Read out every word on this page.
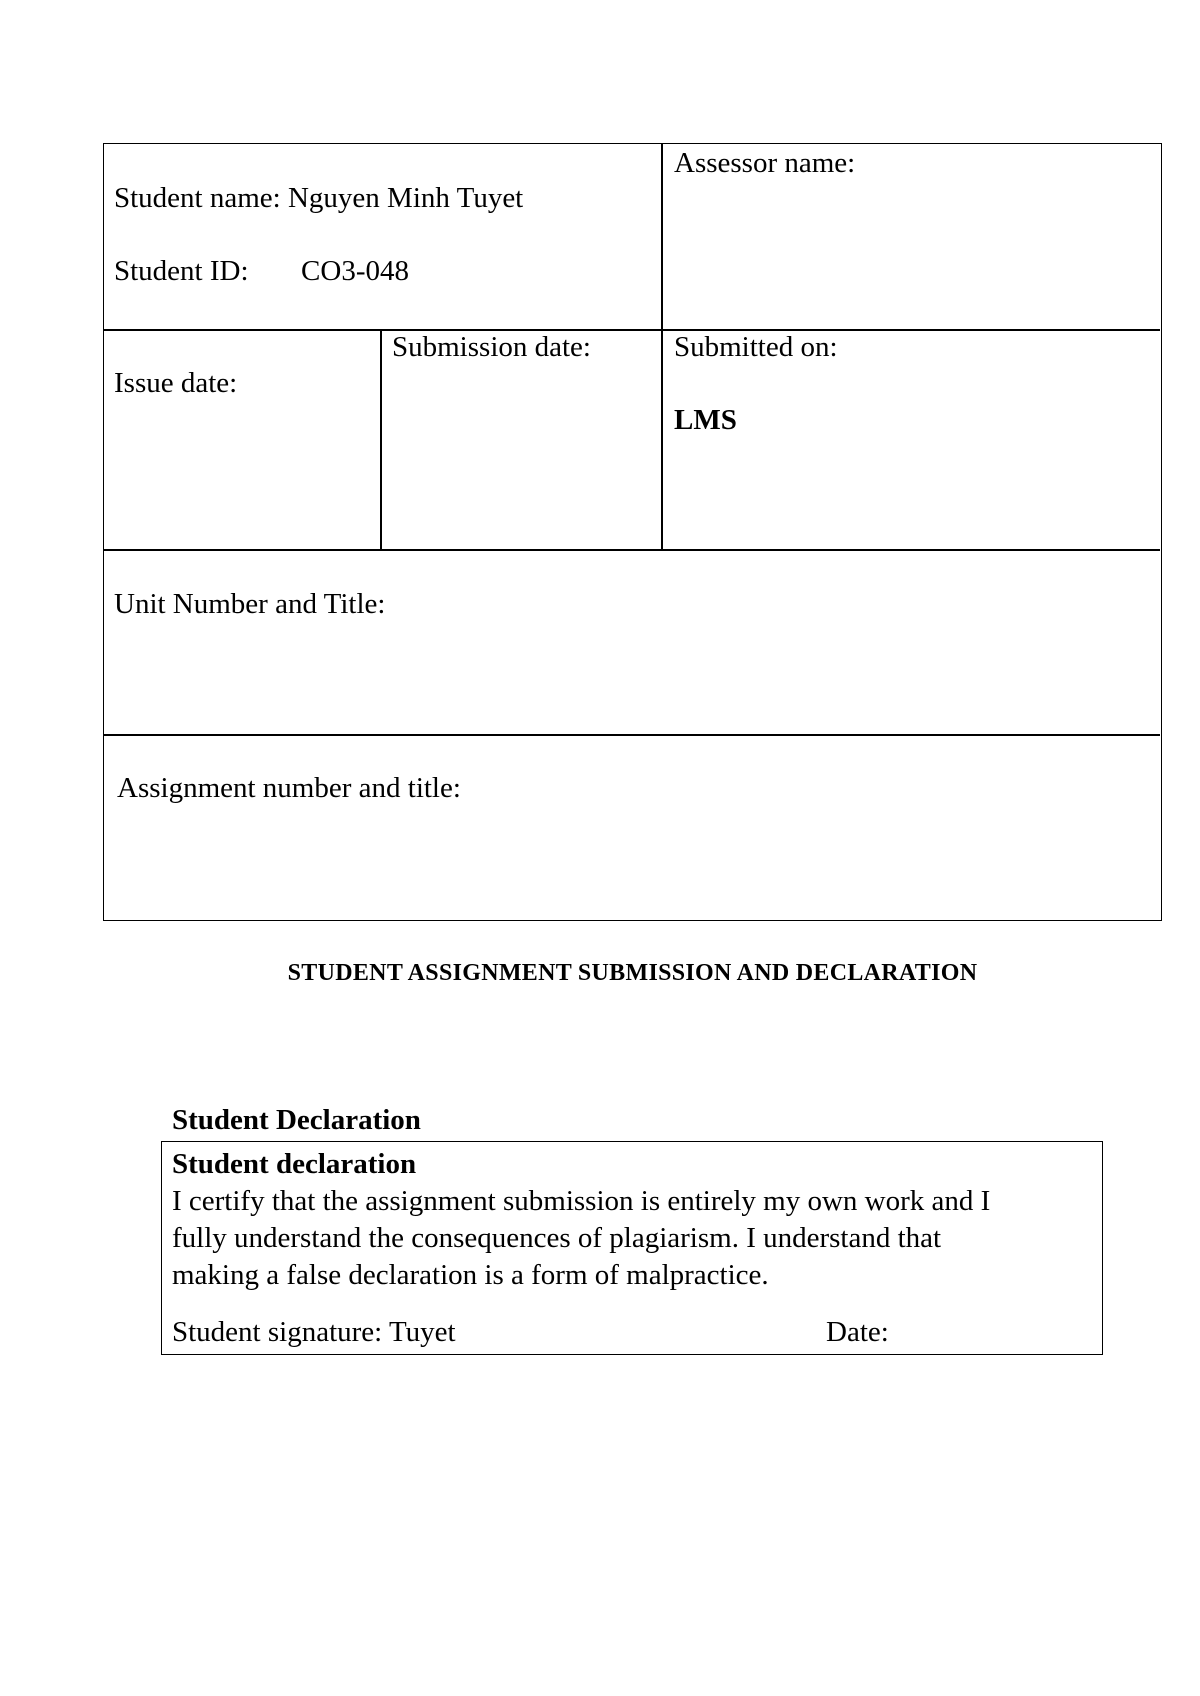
Student name: Nguyen Minh Tuyet
Student ID: CO3-048
Assessor name:
Issue date:
Submission date:	Submitted on:
LMS
Unit Number and Title:
Assignment number and title:
STUDENT ASSIGNMENT SUBMISSION AND DECLARATION
Student Declaration
Student declaration
I certify that the assignment submission is entirely my own work and I
fully understand the consequences of plagiarism. I understand that
making a false declaration is a form of malpractice.
Student signature: Tuyet	Date:
